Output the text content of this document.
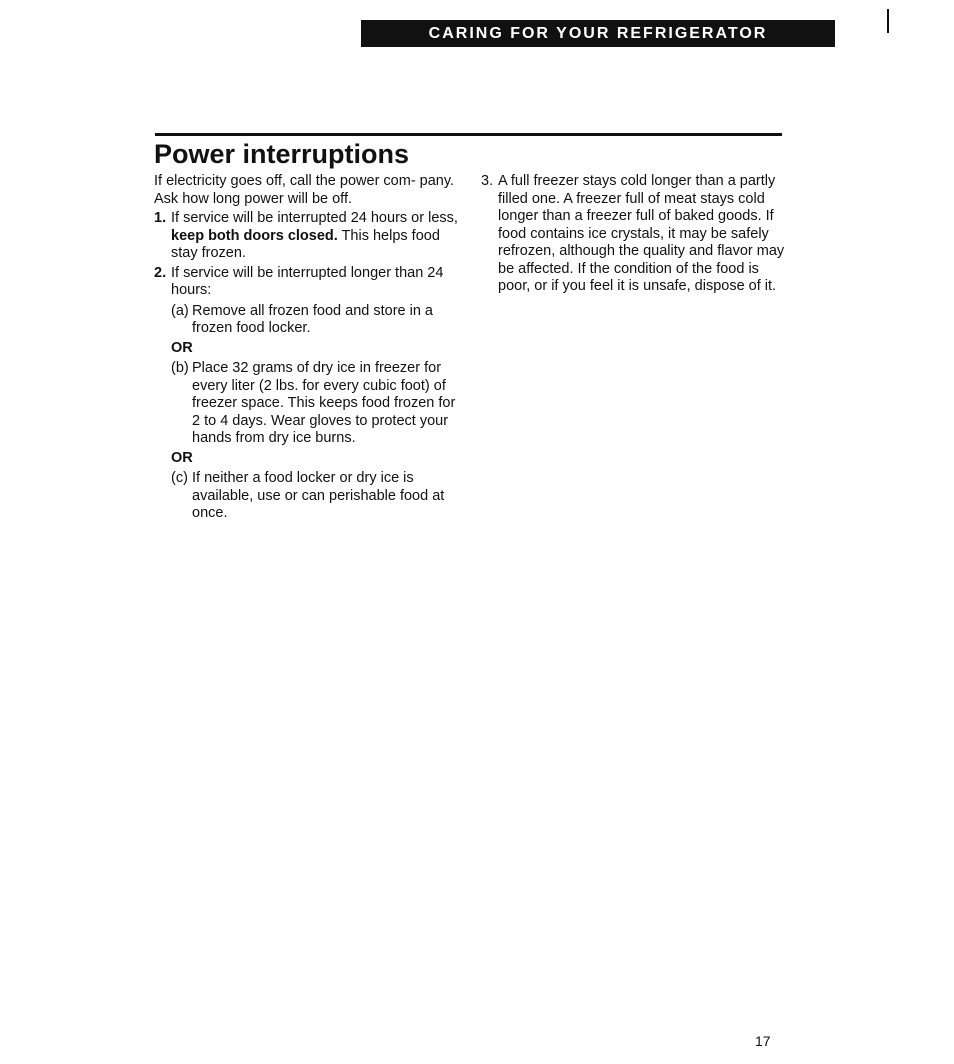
CARING FOR YOUR REFRIGERATOR
Power interruptions

If electricity goes off, call the power com- pany. Ask how long power will be off.

1. If service will be interrupted 24 hours or less, keep both doors closed. This helps food stay frozen.
2. If service will be interrupted longer than 24 hours:
(a) Remove all frozen food and store in a frozen food locker.
OR
(b) Place 32 grams of dry ice in freezer for every liter (2 lbs. for every cubic foot) of freezer space. This keeps food frozen for 2 to 4 days. Wear gloves to protect your hands from dry ice burns.
OR
(c) If neither a food locker or dry ice is available, use or can perishable food at once.
3. A full freezer stays cold longer than a partly filled one. A freezer full of meat stays cold longer than a freezer full of baked goods. If food contains ice crystals, it may be safely refrozen, although the quality and flavor may be affected. If the condition of the food is poor, or if you feel it is unsafe, dispose of it.
17
